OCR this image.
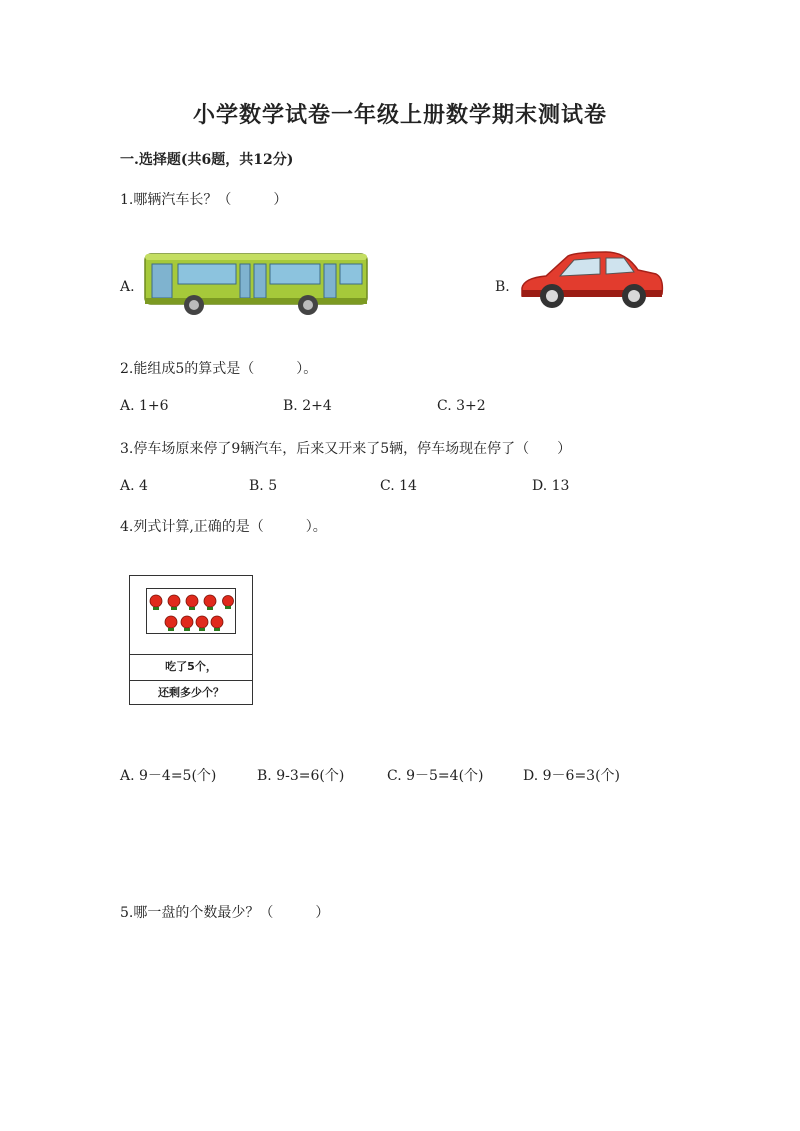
小学数学试卷一年级上册数学期末测试卷
一.选择题(共6题，共12分)
1.哪辆汽车长？（　　　）
A.	B.
2.能组成5的算式是（　　　）。
A. 1+6	B. 2+4	C. 3+2
3.停车场原来停了9辆汽车，后来又开来了5辆，停车场现在停了（　　）
A. 4	B. 5	C. 14	D. 13
4.列式计算,正确的是（　　　）。
吃了5个，
还剩多少个？
A. 9－4=5(个)	B. 9-3=6(个)	C. 9－5=4(个)	D. 9－6=3(个)
5.哪一盘的个数最少？（　　　）
